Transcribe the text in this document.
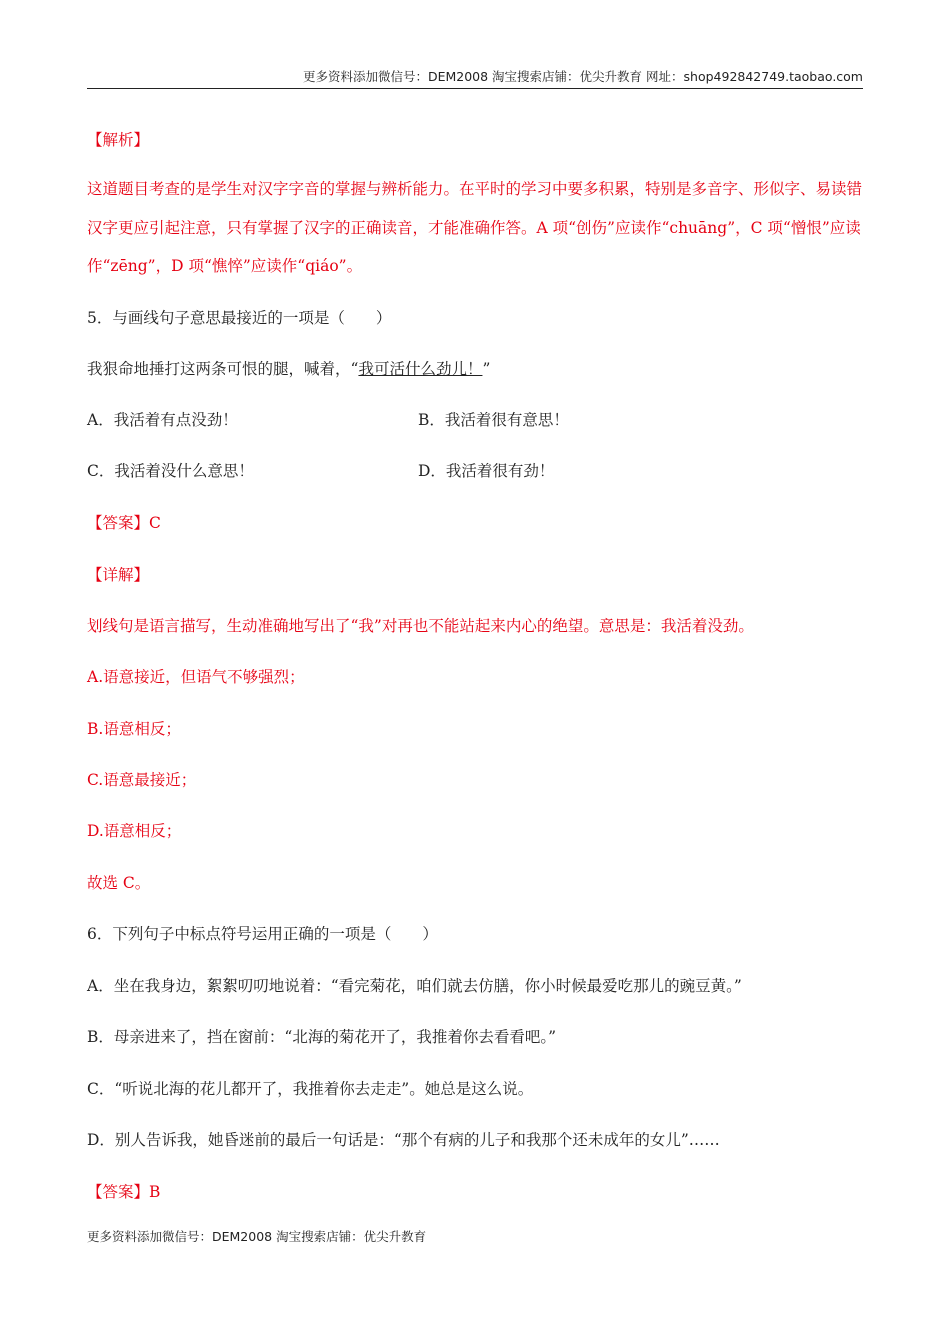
更多资料添加微信号：DEM2008 淘宝搜索店铺：优尖升教育 网址：shop492842749.taobao.com
【解析】
这道题目考查的是学生对汉字字音的掌握与辨析能力。在平时的学习中要多积累，特别是多音字、形似字、易读错汉字更应引起注意，只有掌握了汉字的正确读音，才能准确作答。A 项“创伤”应读作“chuāng”，C 项“憎恨”应读作“zēng”，D 项“憔悴”应读作“qiáo”。
5．与画线句子意思最接近的一项是（　　）
我狠命地捶打这两条可恨的腿，喊着，“我可活什么劲儿！”
A．我活着有点没劲！	B．我活着很有意思！
C．我活着没什么意思！	D．我活着很有劲！
【答案】C
【详解】
划线句是语言描写，生动准确地写出了“我”对再也不能站起来内心的绝望。意思是：我活着没劲。
A.语意接近，但语气不够强烈；
B.语意相反；
C.语意最接近；
D.语意相反；
故选 C。
6．下列句子中标点符号运用正确的一项是（　　）
A．坐在我身边，絮絮叨叨地说着：“看完菊花，咱们就去仿膳，你小时候最爱吃那儿的豌豆黄。”
B．母亲进来了，挡在窗前：“北海的菊花开了，我推着你去看看吧。”
C．“听说北海的花儿都开了，我推着你去走走”。她总是这么说。
D．别人告诉我，她昏迷前的最后一句话是：“那个有病的儿子和我那个还未成年的女儿”……
【答案】B
更多资料添加微信号：DEM2008 淘宝搜索店铺：优尖升教育
